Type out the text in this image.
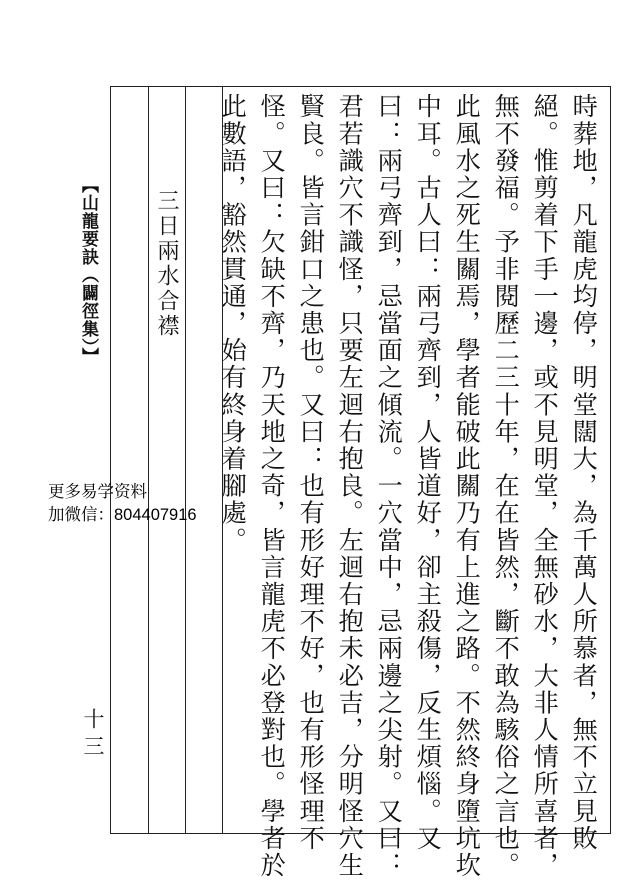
三日兩水合襟 此數語，豁然貫通，始有終身着腳處。 怪。又曰：欠缺不齊，乃天地之奇，皆言龍虎不必登對也。學者於 賢良。皆言鉗口之患也。又曰：也有形好理不好，也有形怪理不 君若識穴不識怪，只要左迴右抱良。左迴右抱未必吉，分明怪穴生 曰：兩弓齊到，忌當面之傾流。一穴當中，忌兩邊之尖射。又曰： 中耳。古人曰：兩弓齊到，人皆道好，卻主殺傷，反生煩惱。又 此風水之死生關焉，學者能破此關乃有上進之路。不然終身墮坑坎 無不發福。予非閱歷二三十年，在在皆然，斷不敢為駭俗之言也。 絕。惟剪着下手一邊，或不見明堂，全無砂水，大非人情所喜者， 時葬地，凡龍虎均停，明堂闊大，為千萬人所慕者，無不立見敗
【山龍要訣（闢徑集）】
十三
更多易学资料
加微信：804407916
